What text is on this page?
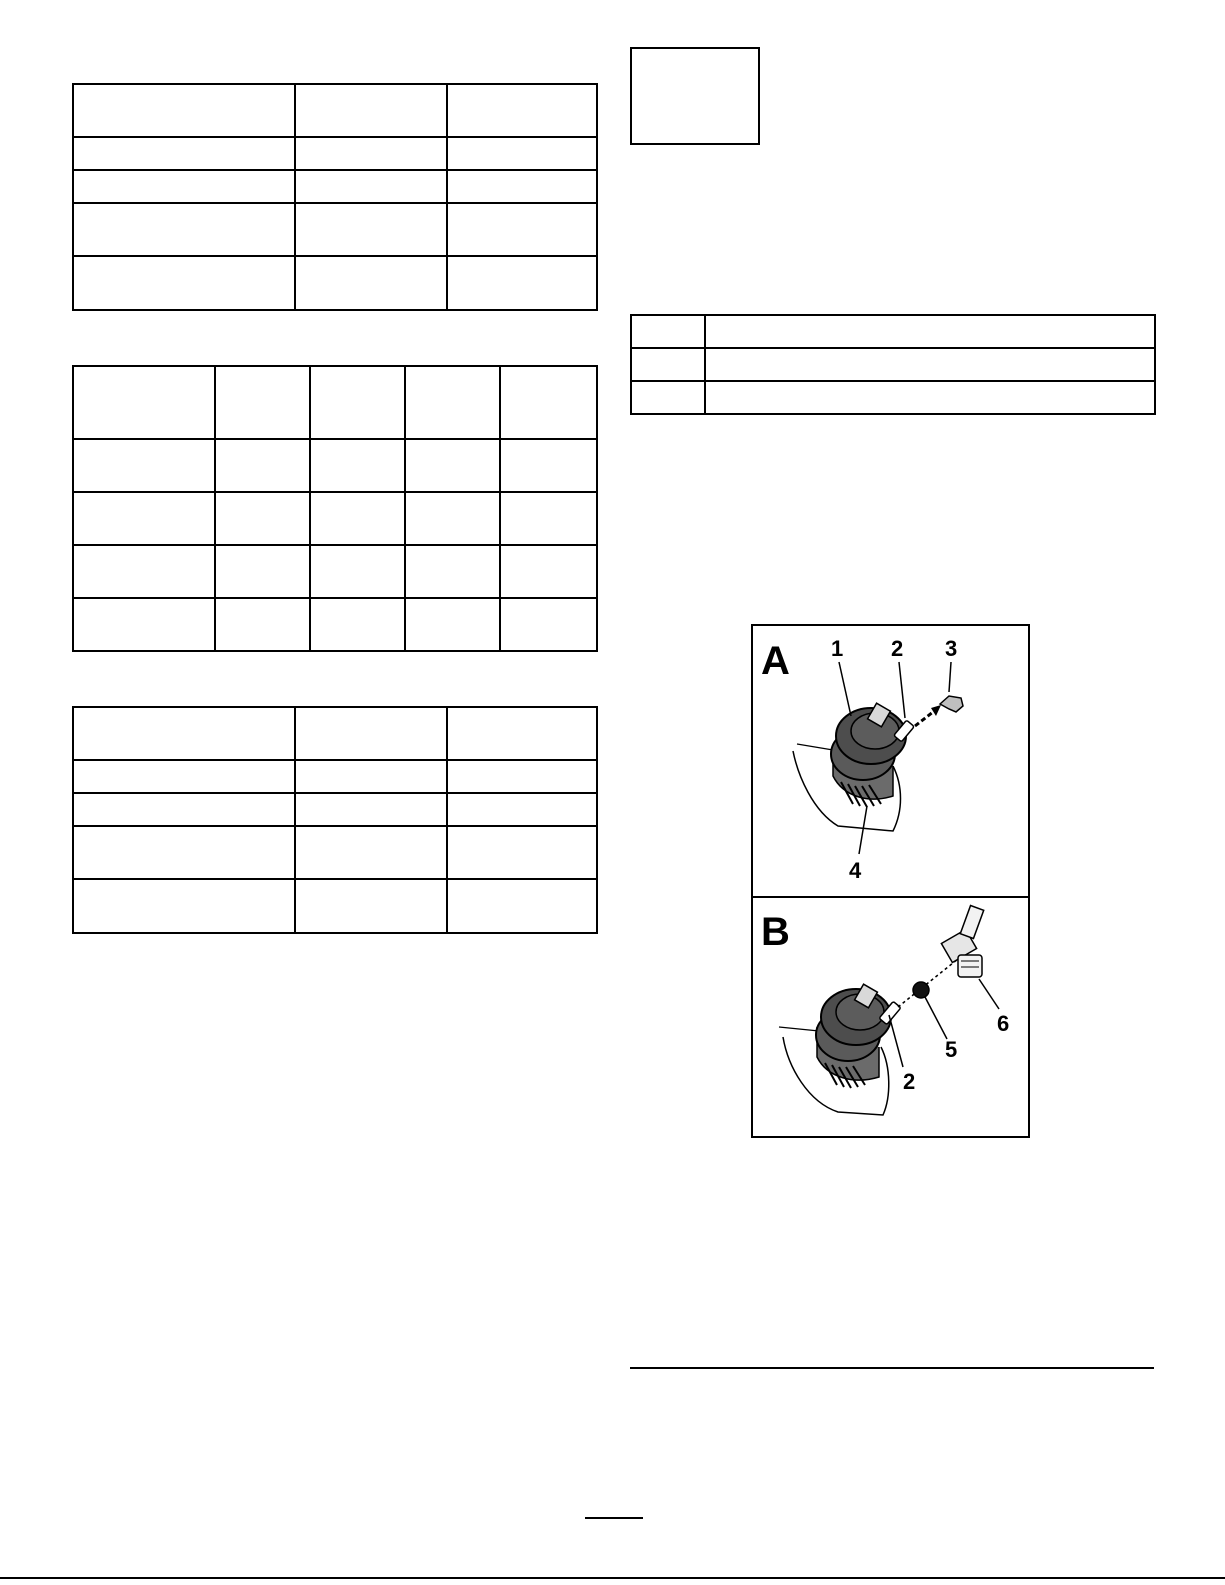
A 1 2 3
4
B
2
5
6
